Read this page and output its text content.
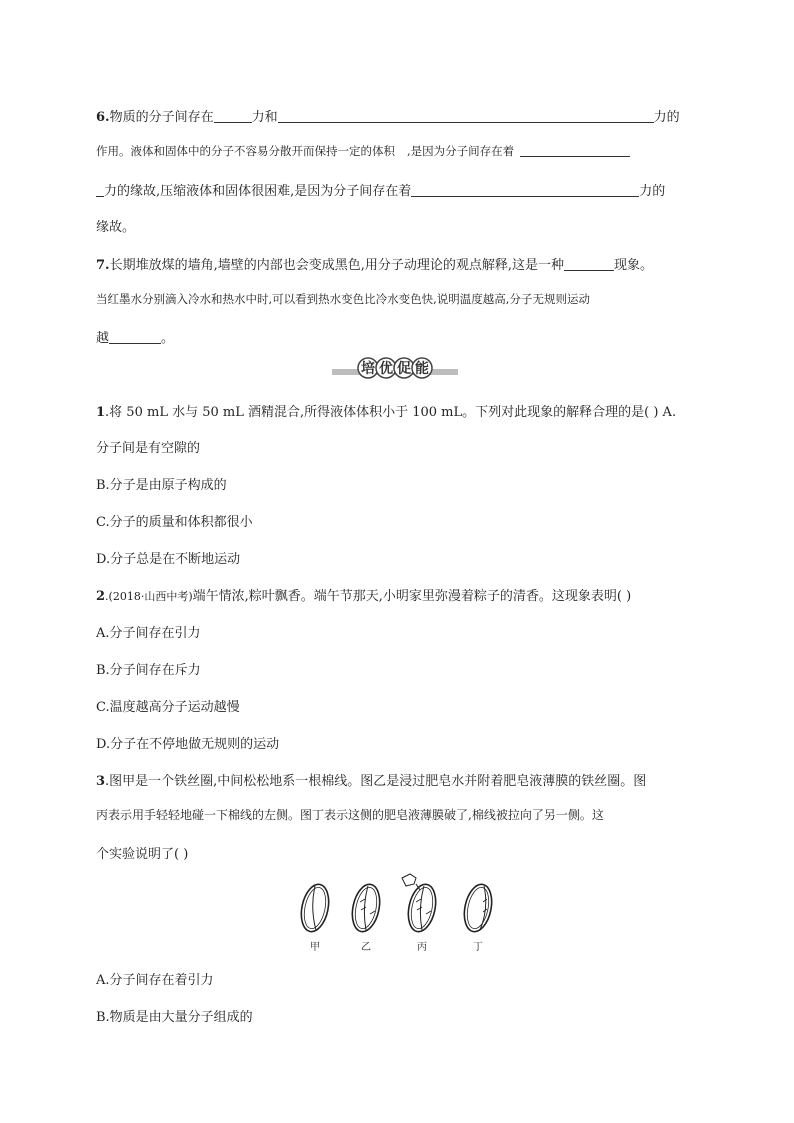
6.物质的分子间存在	力和	力的
作用。液体和固体中的分子不容易分散开而保持一定的体积 ,是因为分子间存在着
力的缘故,压缩液体和固体很困难,是因为分子间存在着	力的
缘故。
7.长期堆放煤的墙角,墙壁的内部也会变成黑色,用分子动理论的观点解释,这是一种	现象。
当红墨水分别滴入冷水和热水中时,可以看到热水变色比冷水变色快,说明温度越高,分子无规则运动
越	。
培 优 促 能
1.将 50 mL 水与 50 mL 酒精混合,所得液体体积小于 100 mL。下列对此现象的解释合理的是( ) A.
分子间是有空隙的
B.分子是由原子构成的
C.分子的质量和体积都很小
D.分子总是在不断地运动
2.(2018·山西中考)端午情浓,粽叶飘香。端午节那天,小明家里弥漫着粽子的清香。这现象表明( )
A.分子间存在引力
B.分子间存在斥力
C.温度越高分子运动越慢
D.分子在不停地做无规则的运动
3.图甲是一个铁丝圈,中间松松地系一根棉线。图乙是浸过肥皂水并附着肥皂液薄膜的铁丝圈。图
丙表示用手轻轻地碰一下棉线的左侧。图丁表示这侧的肥皂液薄膜破了,棉线被拉向了另一侧。这
个实验说明了( )
甲	乙	丙	丁
A.分子间存在着引力
B.物质是由大量分子组成的
